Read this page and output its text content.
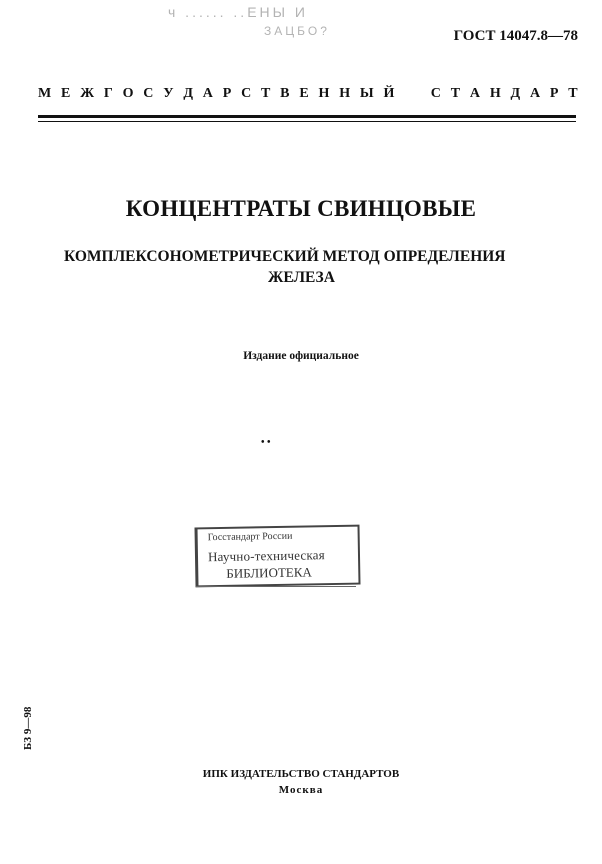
ч ...... ..ЕНЫ И
ЗАЦБО?	ГОСТ 14047.8—78
М Е Ж Г О С У Д А Р С Т В Е Н Н Ы Й

	С Т А Н Д А Р Т
КОНЦЕНТРАТЫ СВИНЦОВЫЕ
КОМПЛЕКСОНОМЕТРИЧЕСКИЙ МЕТОД ОПРЕДЕЛЕНИЯ
ЖЕЛЕЗА
Издание официальное
• •
Госстандарт России
Научно-техническая
БИБЛИОТЕКА
БЗ 9—98
ИПК ИЗДАТЕЛЬСТВО СТАНДАРТОВ
Москва
